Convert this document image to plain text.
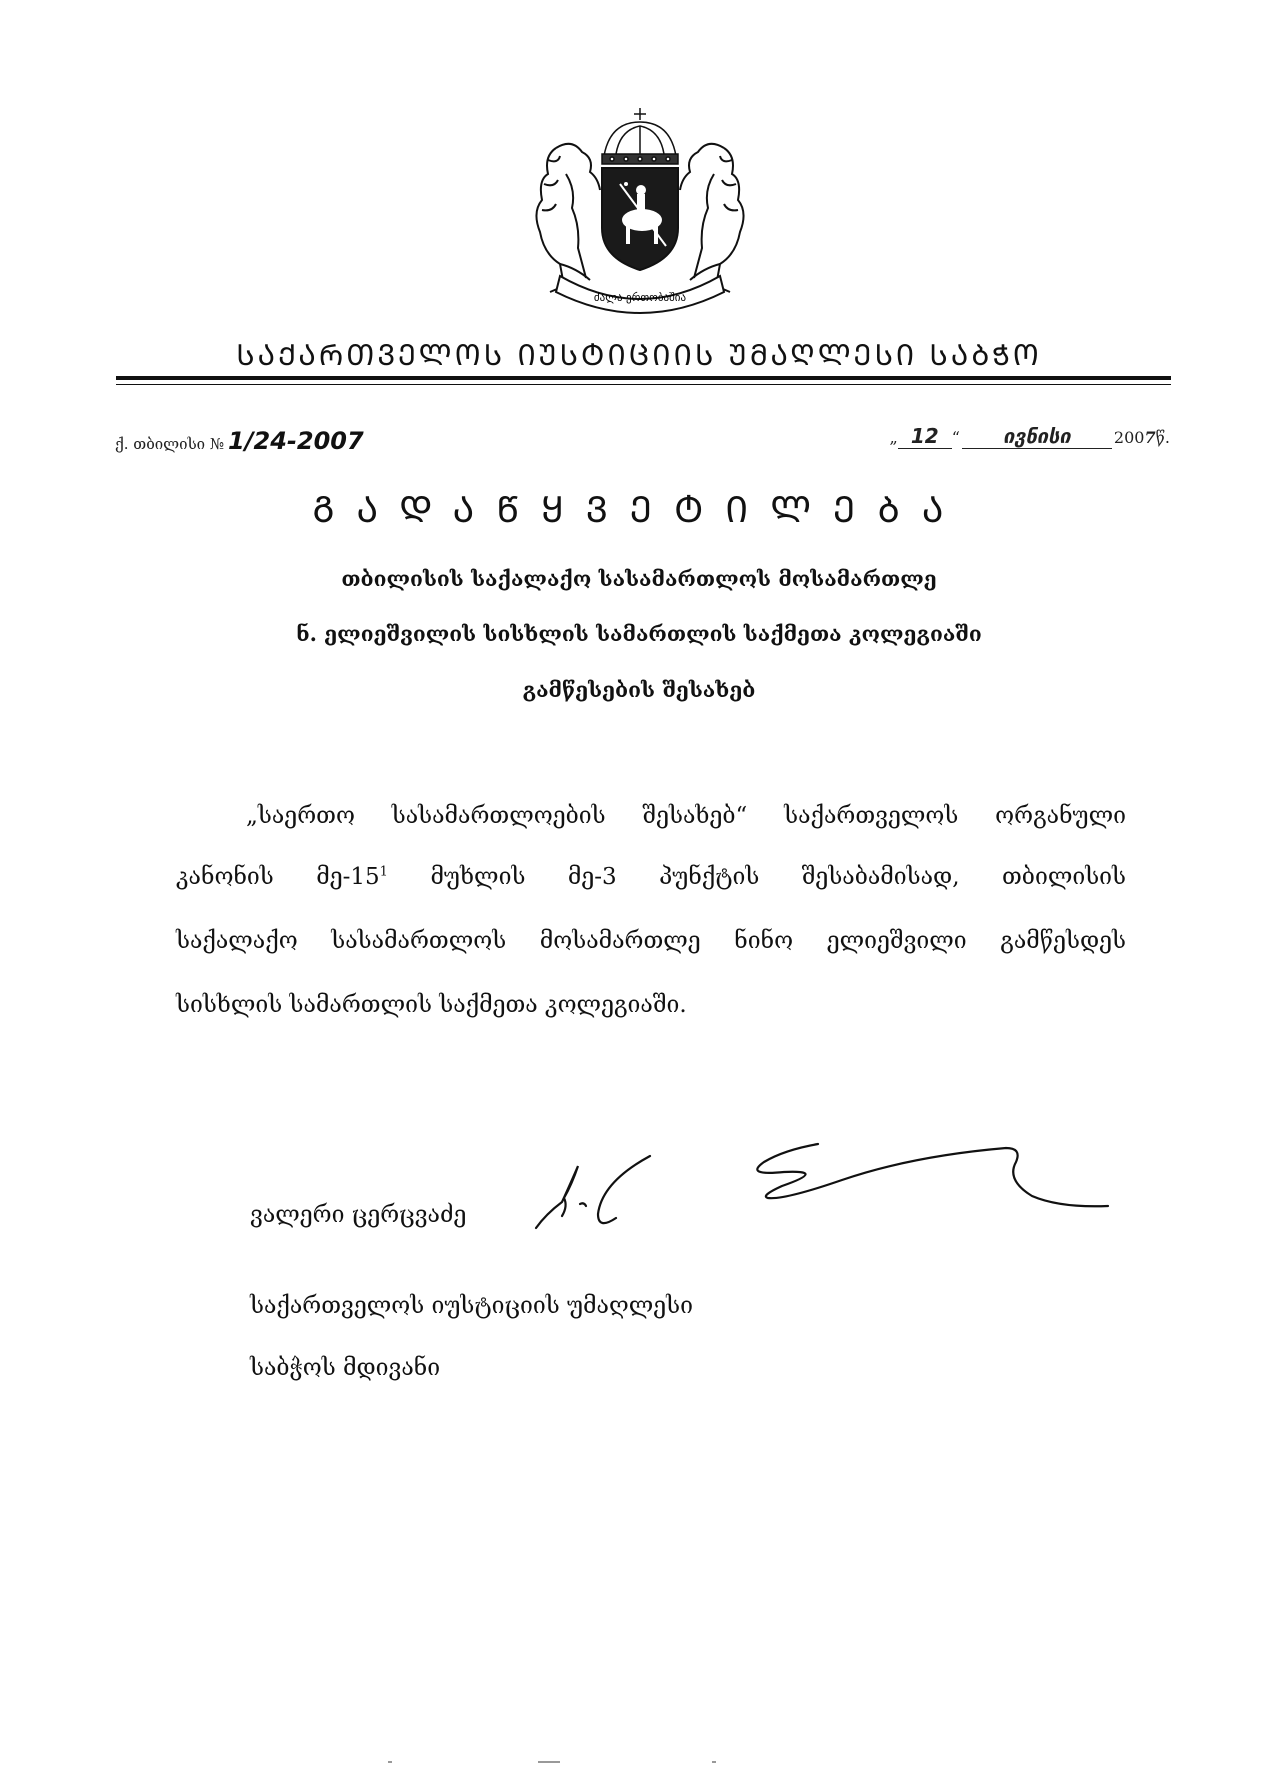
ძალა ერთობაშია
ᲡᲐᲥᲐᲠᲗᲕᲔᲚᲝᲡ ᲘᲣᲡᲢᲘᲪᲘᲘᲡ ᲣᲛᲐᲦᲚᲔᲡᲘ ᲡᲐᲑᲭᲝ
ქ. თბილისი № 1/24-2007	„ 12 “ ივნისი	2007წ.
ᲒᲐᲓᲐᲬᲧᲕᲔᲢᲘᲚᲔᲑᲐ
თბილისის საქალაქო სასამართლოს მოსამართლე
ნ. ელიეშვილის სისხლის სამართლის საქმეთა კოლეგიაში
გამწესების შესახებ
„საერთო სასამართლოების შესახებ“ საქართველოს ორგანული
კანონის $მე-15^1$ მუხლის მე-3 პუნქტის შესაბამისად, თბილისის
საქალაქო სასამართლოს მოსამართლე ნინო ელიეშვილი გამწესდეს
სისხლის სამართლის საქმეთა კოლეგიაში.
ვალერი ცერცვაძე
საქართველოს იუსტიციის უმაღლესი
საბჭოს მდივანი
